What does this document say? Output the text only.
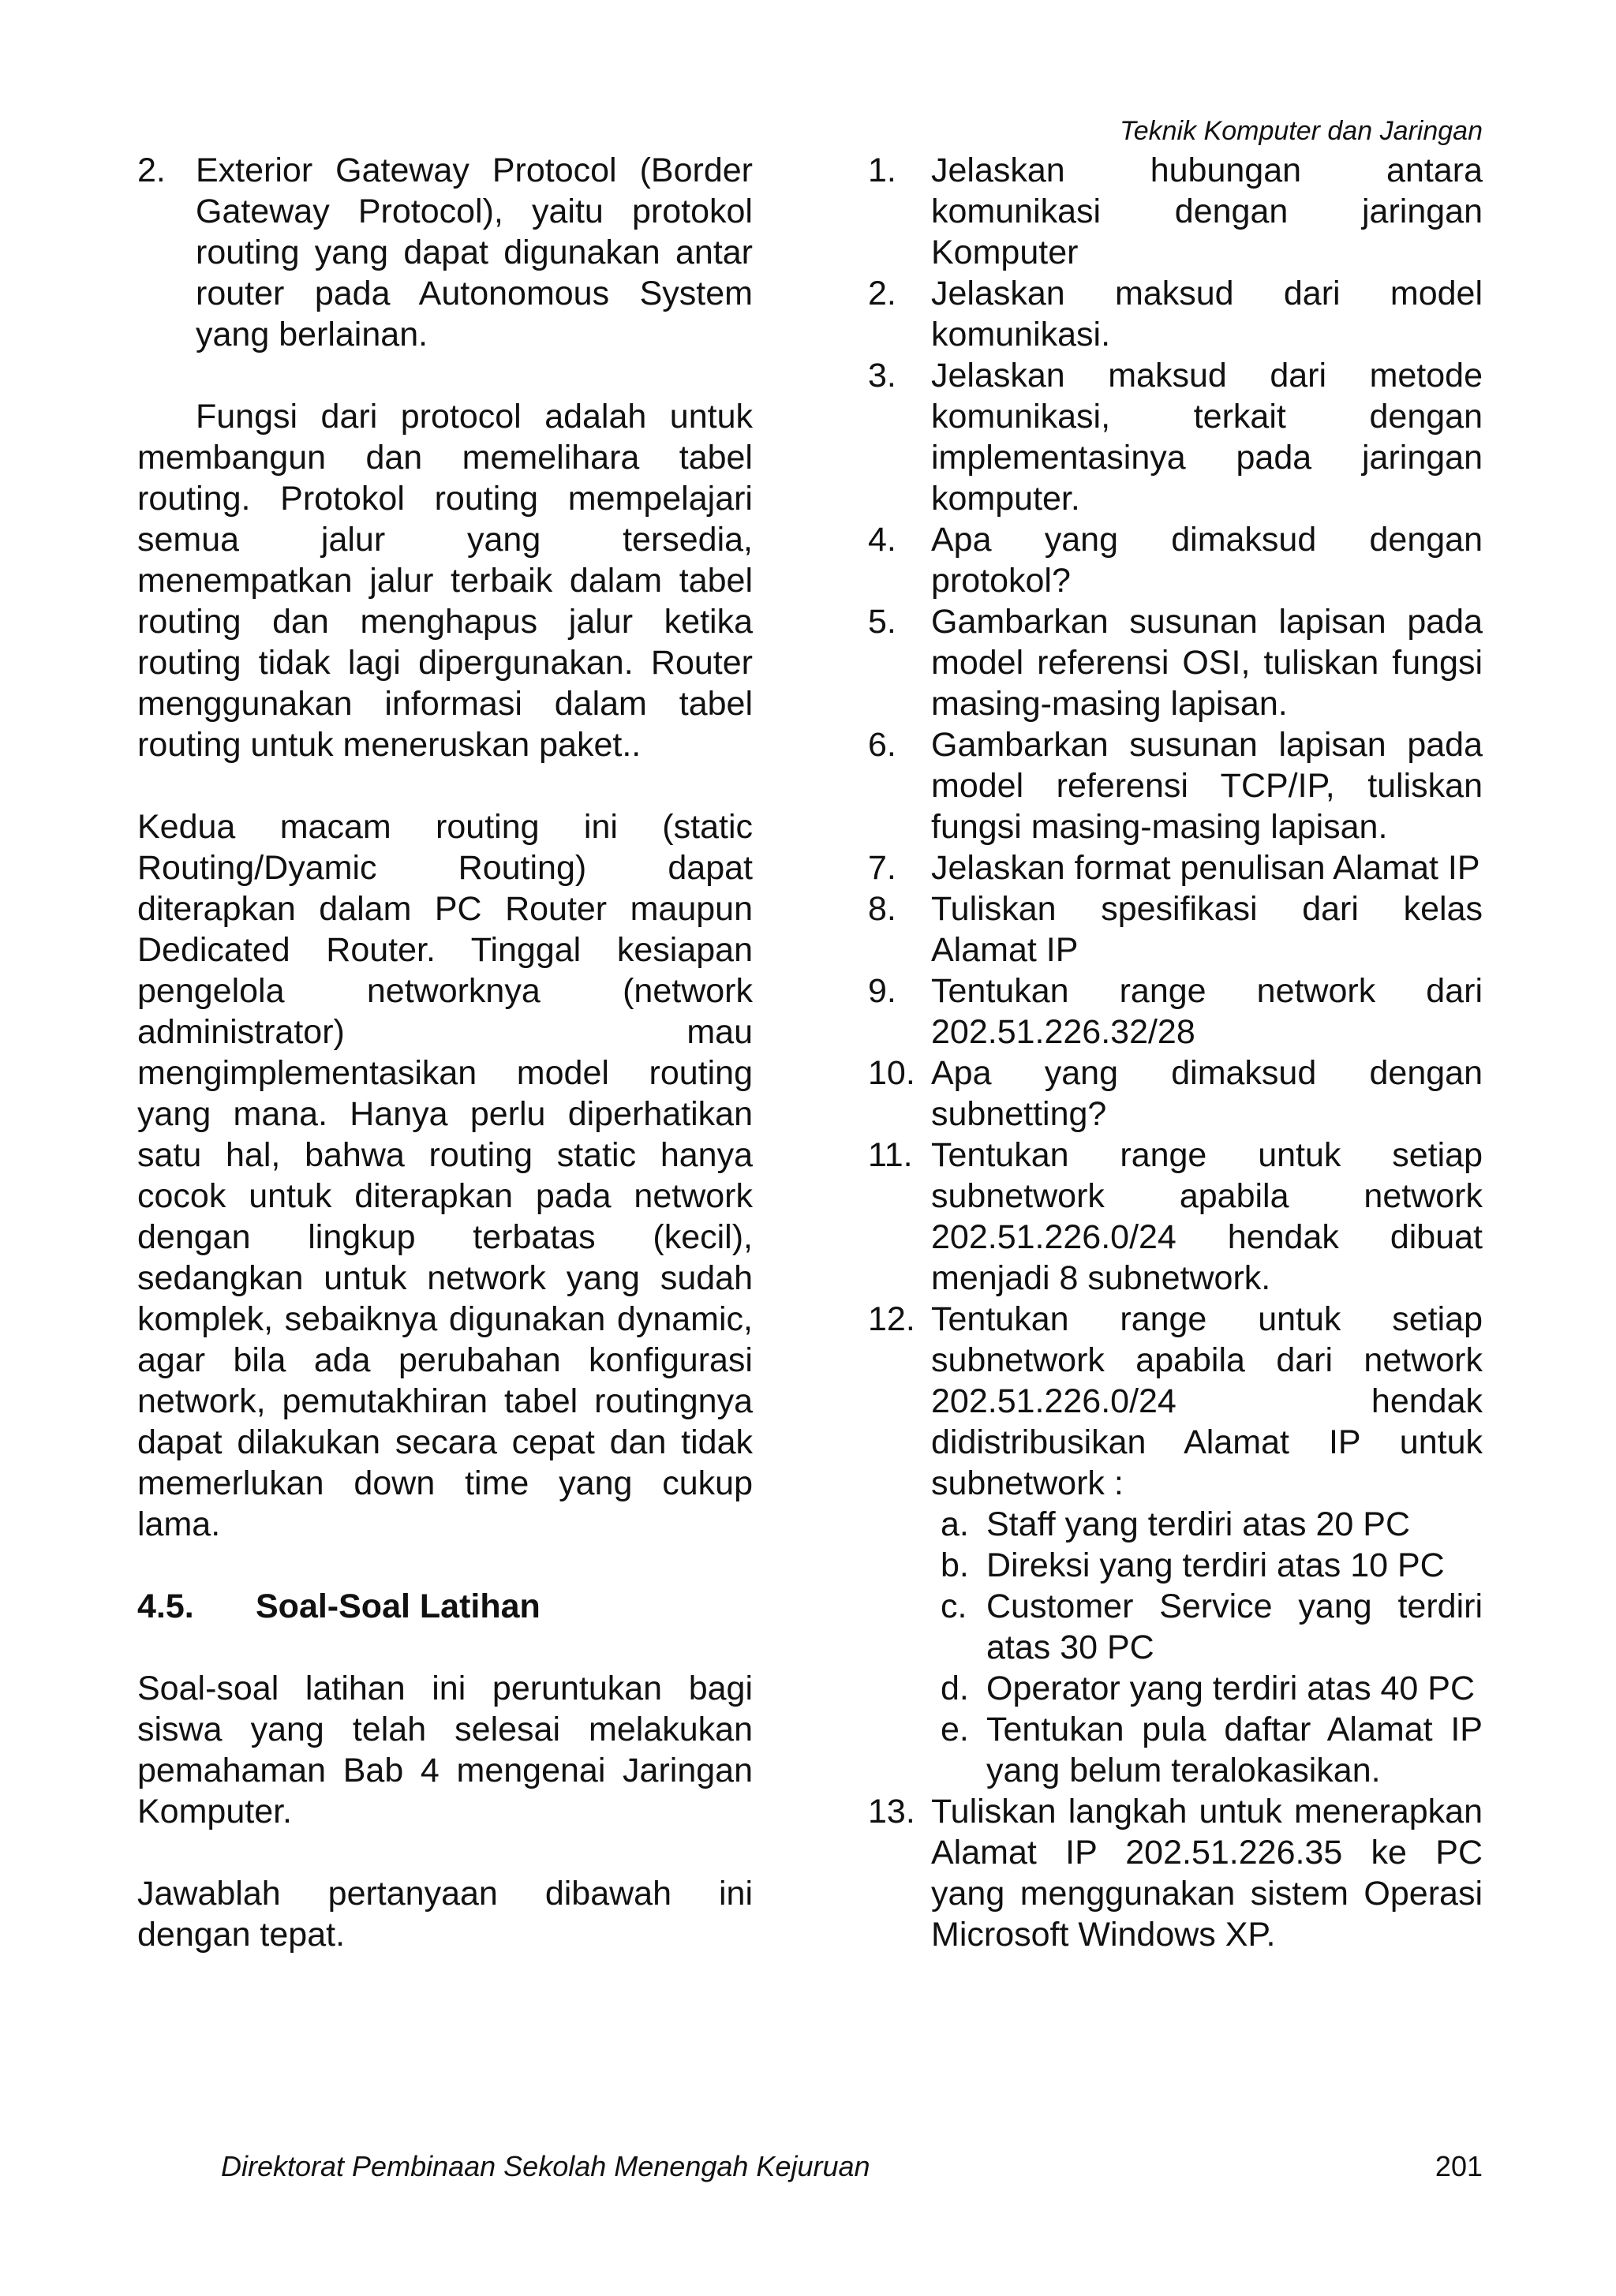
Teknik Komputer dan Jaringan
2. Exterior Gateway Protocol (Border Gateway Protocol), yaitu protokol routing yang dapat digunakan antar router pada Autonomous System yang berlainan.

Fungsi dari protocol adalah untuk membangun dan memelihara tabel routing. Protokol routing mempelajari semua jalur yang tersedia, menempatkan jalur terbaik dalam tabel routing dan menghapus jalur ketika routing tidak lagi dipergunakan. Router menggunakan informasi dalam tabel routing untuk meneruskan paket..

Kedua macam routing ini (static Routing/Dyamic Routing) dapat diterapkan dalam PC Router maupun Dedicated Router. Tinggal kesiapan pengelola networknya (network administrator) mau mengimplementasikan model routing yang mana. Hanya perlu diperhatikan satu hal, bahwa routing static hanya cocok untuk diterapkan pada network dengan lingkup terbatas (kecil), sedangkan untuk network yang sudah komplek, sebaiknya digunakan dynamic, agar bila ada perubahan konfigurasi network, pemutakhiran tabel routingnya dapat dilakukan secara cepat dan tidak memerlukan down time yang cukup lama.

4.5. Soal-Soal Latihan

Soal-soal latihan ini peruntukan bagi siswa yang telah selesai melakukan pemahaman Bab 4 mengenai Jaringan Komputer.

Jawablah pertanyaan dibawah ini dengan tepat.

1. Jelaskan hubungan antara komunikasi dengan jaringan Komputer
2. Jelaskan maksud dari model komunikasi.
3. Jelaskan maksud dari metode komunikasi, terkait dengan implementasinya pada jaringan komputer.
4. Apa yang dimaksud dengan protokol?
5. Gambarkan susunan lapisan pada model referensi OSI, tuliskan fungsi masing-masing lapisan.
6. Gambarkan susunan lapisan pada model referensi TCP/IP, tuliskan fungsi masing-masing lapisan.
7. Jelaskan format penulisan Alamat IP
8. Tuliskan spesifikasi dari kelas Alamat IP
9. Tentukan range network dari 202.51.226.32/28
10. Apa yang dimaksud dengan subnetting?
11. Tentukan range untuk setiap subnetwork apabila network 202.51.226.0/24 hendak dibuat menjadi 8 subnetwork.
12. Tentukan range untuk setiap subnetwork apabila dari network 202.51.226.0/24 hendak didistribusikan Alamat IP untuk subnetwork :
a. Staff yang terdiri atas 20 PC
b. Direksi yang terdiri atas 10 PC
c. Customer Service yang terdiri atas 30 PC
d. Operator yang terdiri atas 40 PC
e. Tentukan pula daftar Alamat IP yang belum teralokasikan.
13. Tuliskan langkah untuk menerapkan Alamat IP 202.51.226.35 ke PC yang menggunakan sistem Operasi Microsoft Windows XP.
Direktorat Pembinaan Sekolah Menengah Kejuruan	201
